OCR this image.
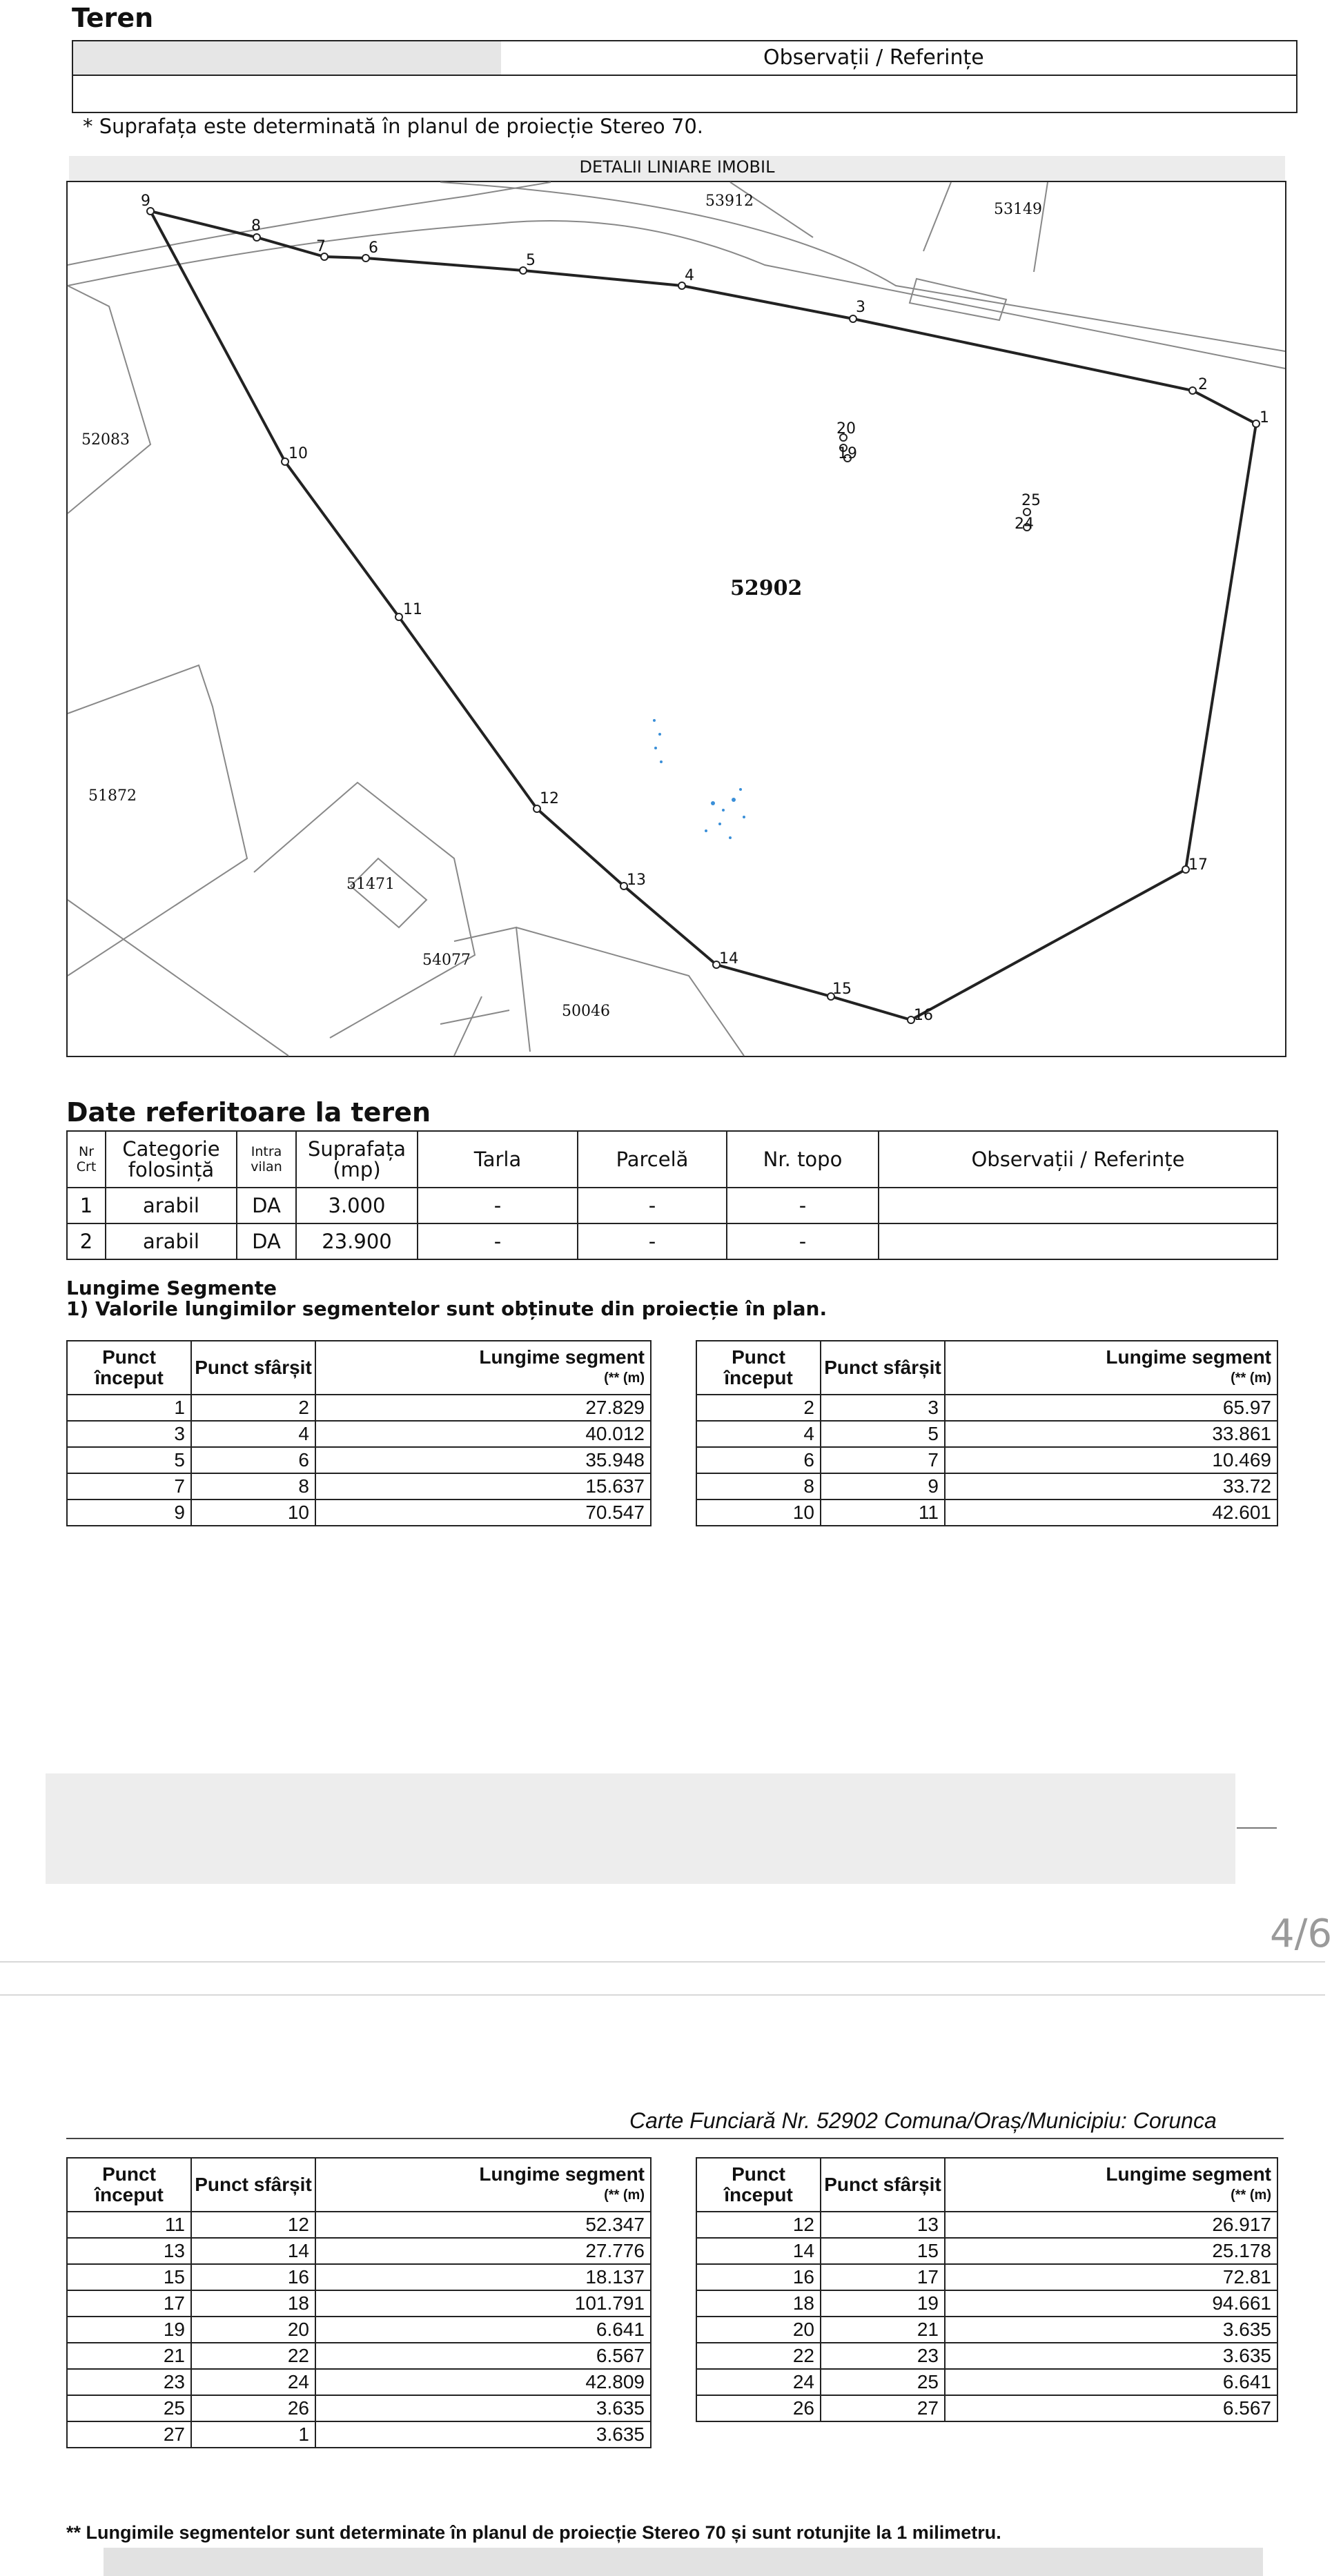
Teren
Observații / Referințe
* Suprafața este determinată în planul de proiecție Stereo 70.
DETALII LINIARE IMOBIL
1
2
3
4
5
6
7
8
9
10
11
12
13
14
15
16
17
20
19
25
24
52902
53912	53149
52083
51872
51471
54077
50046
Date referitoare la teren
Nr Crt	Categorie folosință	Intra vilan	Suprafața (mp)	Tarla	Parcelă	Nr. topo	Observații / Referințe
1	arabil	DA	3.000	-	-	-	
2	arabil	DA	23.900	-	-	-	
Lungime Segmente
1) Valorile lungimilor segmentelor sunt obținute din proiecție în plan.
Punct început	Punct sfârșit	Lungime segment
(** (m)

1	2	27.829
3	4	40.012
5	6	35.948
7	8	15.637
9	10	70.547
Punct început	Punct sfârșit	Lungime segment
(** (m)

2	3	65.97
4	5	33.861
6	7	10.469
8	9	33.72
10	11	42.601
4/6
Carte Funciară Nr. 52902 Comuna/Oraș/Municipiu: Corunca
Punct început	Punct sfârșit	Lungime segment
(** (m)

11	12	52.347
13	14	27.776
15	16	18.137
17	18	101.791
19	20	6.641
21	22	6.567
23	24	42.809
25	26	3.635
27	1	3.635
Punct început	Punct sfârșit	Lungime segment
(** (m)

12	13	26.917
14	15	25.178
16	17	72.81
18	19	94.661
20	21	3.635
22	23	3.635
24	25	6.641
26	27	6.567
** Lungimile segmentelor sunt determinate în planul de proiecție Stereo 70 și sunt rotunjite la 1 milimetru.
